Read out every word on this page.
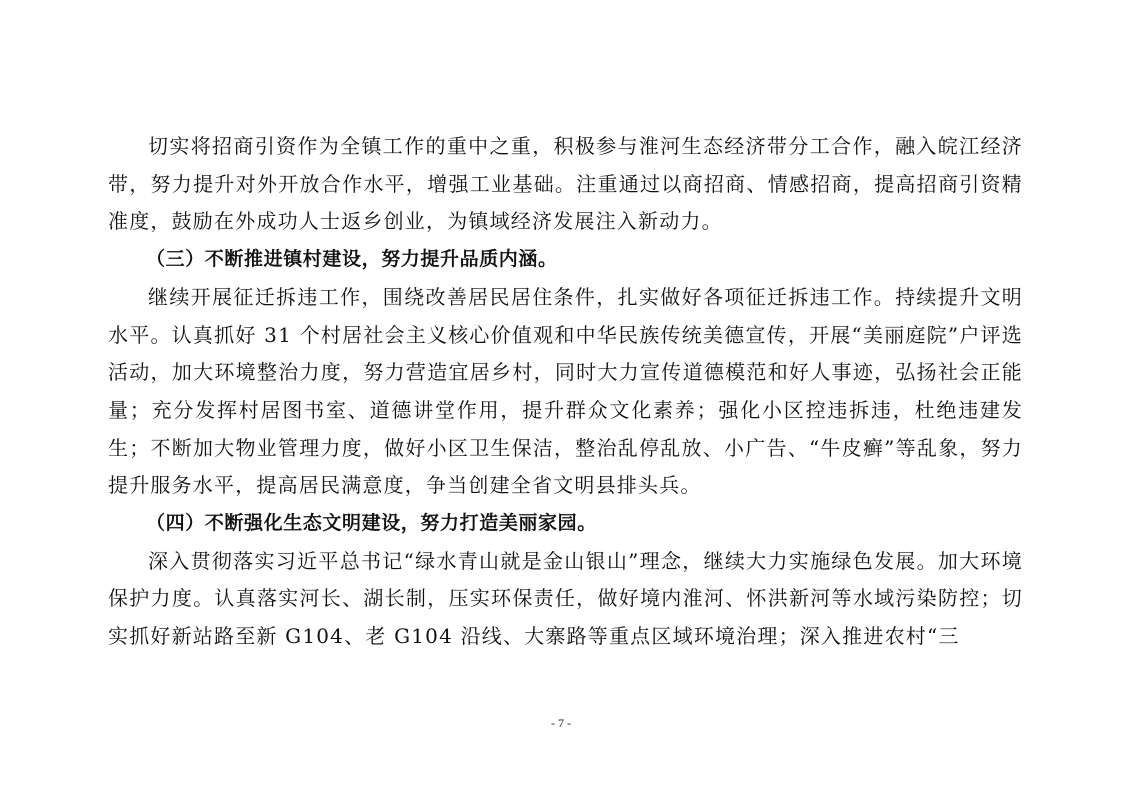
切实将招商引资作为全镇工作的重中之重，积极参与淮河生态经济带分工合作，融入皖江经济带，努力提升对外开放合作水平，增强工业基础。注重通过以商招商、情感招商，提高招商引资精准度，鼓励在外成功人士返乡创业，为镇域经济发展注入新动力。

（三）不断推进镇村建设，努力提升品质内涵。

继续开展征迁拆违工作，围绕改善居民居住条件，扎实做好各项征迁拆违工作。持续提升文明水平。认真抓好 31 个村居社会主义核心价值观和中华民族传统美德宣传，开展“美丽庭院”户评选活动，加大环境整治力度，努力营造宜居乡村，同时大力宣传道德模范和好人事迹，弘扬社会正能量；充分发挥村居图书室、道德讲堂作用，提升群众文化素养；强化小区控违拆违，杜绝违建发生；不断加大物业管理力度，做好小区卫生保洁，整治乱停乱放、小广告、“牛皮癣”等乱象，努力提升服务水平，提高居民满意度，争当创建全省文明县排头兵。

（四）不断强化生态文明建设，努力打造美丽家园。

深入贯彻落实习近平总书记“绿水青山就是金山银山”理念，继续大力实施绿色发展。加大环境保护力度。认真落实河长、湖长制，压实环保责任，做好境内淮河、怀洪新河等水域污染防控；切实抓好新站路至新 G104、老 G104 沿线、大寨路等重点区域环境治理；深入推进农村“三

- 7 -
